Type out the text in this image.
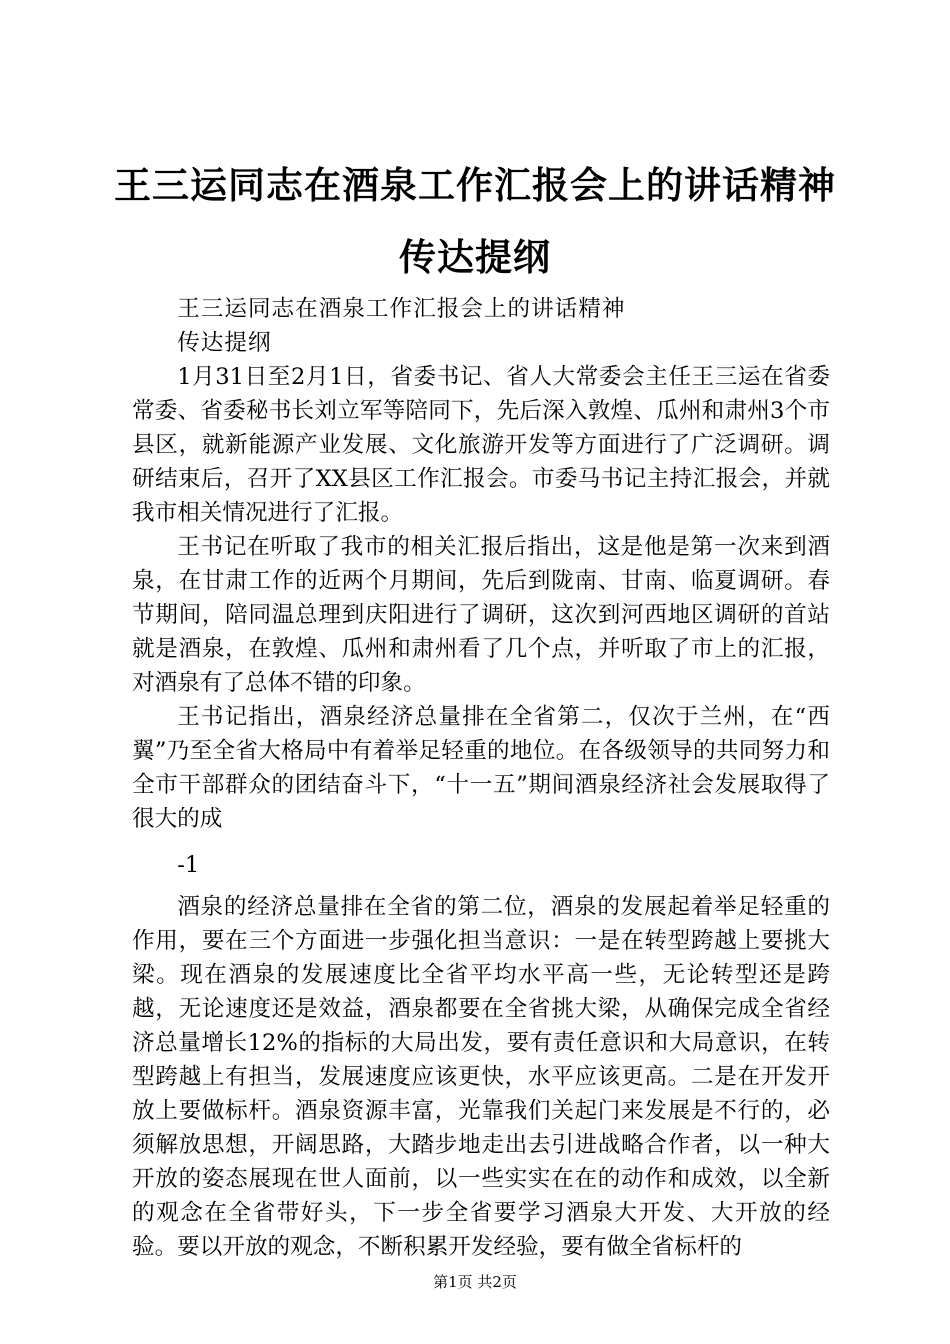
王三运同志在酒泉工作汇报会上的讲话精神传达提纲

王三运同志在酒泉工作汇报会上的讲话精神

传达提纲

1月31日至2月1日，省委书记、省人大常委会主任王三运在省委常委、省委秘书长刘立军等陪同下，先后深入敦煌、瓜州和肃州3个市县区，就新能源产业发展、文化旅游开发等方面进行了广泛调研。调研结束后，召开了XX县区工作汇报会。市委马书记主持汇报会，并就我市相关情况进行了汇报。

王书记在听取了我市的相关汇报后指出，这是他是第一次来到酒泉，在甘肃工作的近两个月期间，先后到陇南、甘南、临夏调研。春节期间，陪同温总理到庆阳进行了调研，这次到河西地区调研的首站就是酒泉，在敦煌、瓜州和肃州看了几个点，并听取了市上的汇报，对酒泉有了总体不错的印象。

王书记指出，酒泉经济总量排在全省第二，仅次于兰州，在“西翼”乃至全省大格局中有着举足轻重的地位。在各级领导的共同努力和全市干部群众的团结奋斗下，“十一五”期间酒泉经济社会发展取得了很大的成

-1

酒泉的经济总量排在全省的第二位，酒泉的发展起着举足轻重的作用，要在三个方面进一步强化担当意识：一是在转型跨越上要挑大梁。现在酒泉的发展速度比全省平均水平高一些，无论转型还是跨越，无论速度还是效益，酒泉都要在全省挑大梁，从确保完成全省经济总量增长12%的指标的大局出发，要有责任意识和大局意识，在转型跨越上有担当，发展速度应该更快，水平应该更高。二是在开发开放上要做标杆。酒泉资源丰富，光靠我们关起门来发展是不行的，必须解放思想，开阔思路，大踏步地走出去引进战略合作者，以一种大开放的姿态展现在世人面前，以一些实实在在的动作和成效，以全新的观念在全省带好头，下一步全省要学习酒泉大开发、大开放的经验。要以开放的观念，不断积累开发经验，要有做全省标杆的

第1页 共2页
